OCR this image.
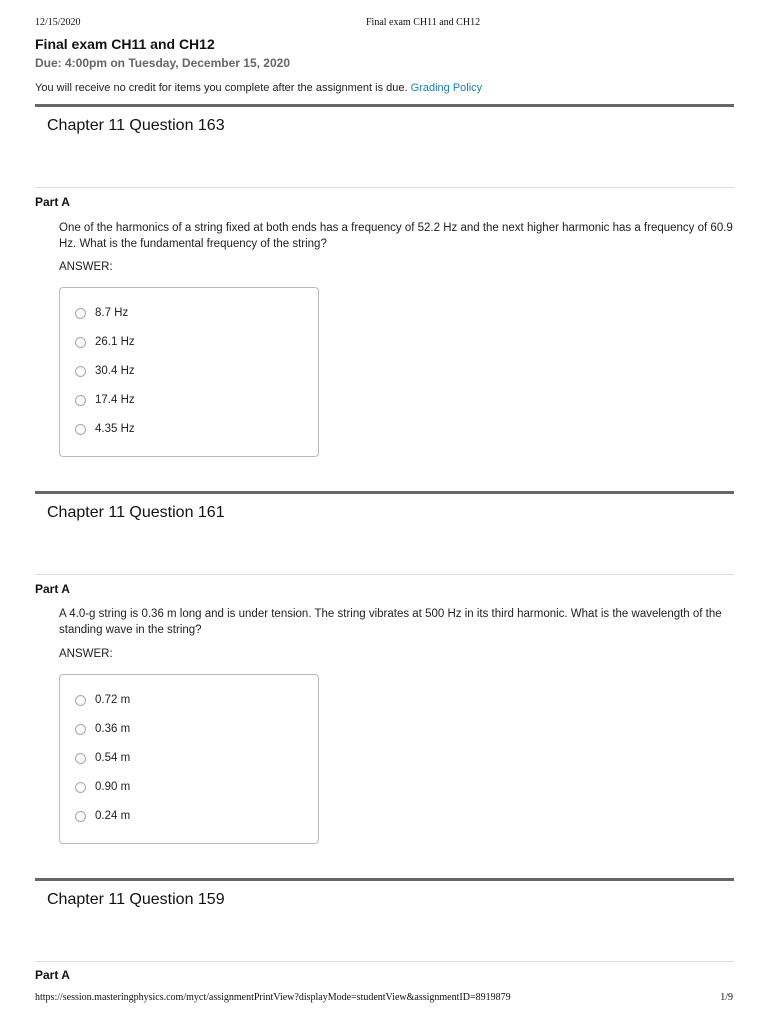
12/15/2020	Final exam CH11 and CH12
Final exam CH11 and CH12
Due: 4:00pm on Tuesday, December 15, 2020
You will receive no credit for items you complete after the assignment is due. Grading Policy
Chapter 11 Question 163
Part A
One of the harmonics of a string fixed at both ends has a frequency of 52.2 Hz and the next higher harmonic has a frequency of 60.9 Hz. What is the fundamental frequency of the string?
ANSWER:
8.7 Hz
26.1 Hz
30.4 Hz
17.4 Hz
4.35 Hz
Chapter 11 Question 161
Part A
A 4.0-g string is 0.36 m long and is under tension. The string vibrates at 500 Hz in its third harmonic. What is the wavelength of the standing wave in the string?
ANSWER:
0.72 m
0.36 m
0.54 m
0.90 m
0.24 m
Chapter 11 Question 159
Part A
https://session.masteringphysics.com/myct/assignmentPrintView?displayMode=studentView&assignmentID=8919879	1/9
